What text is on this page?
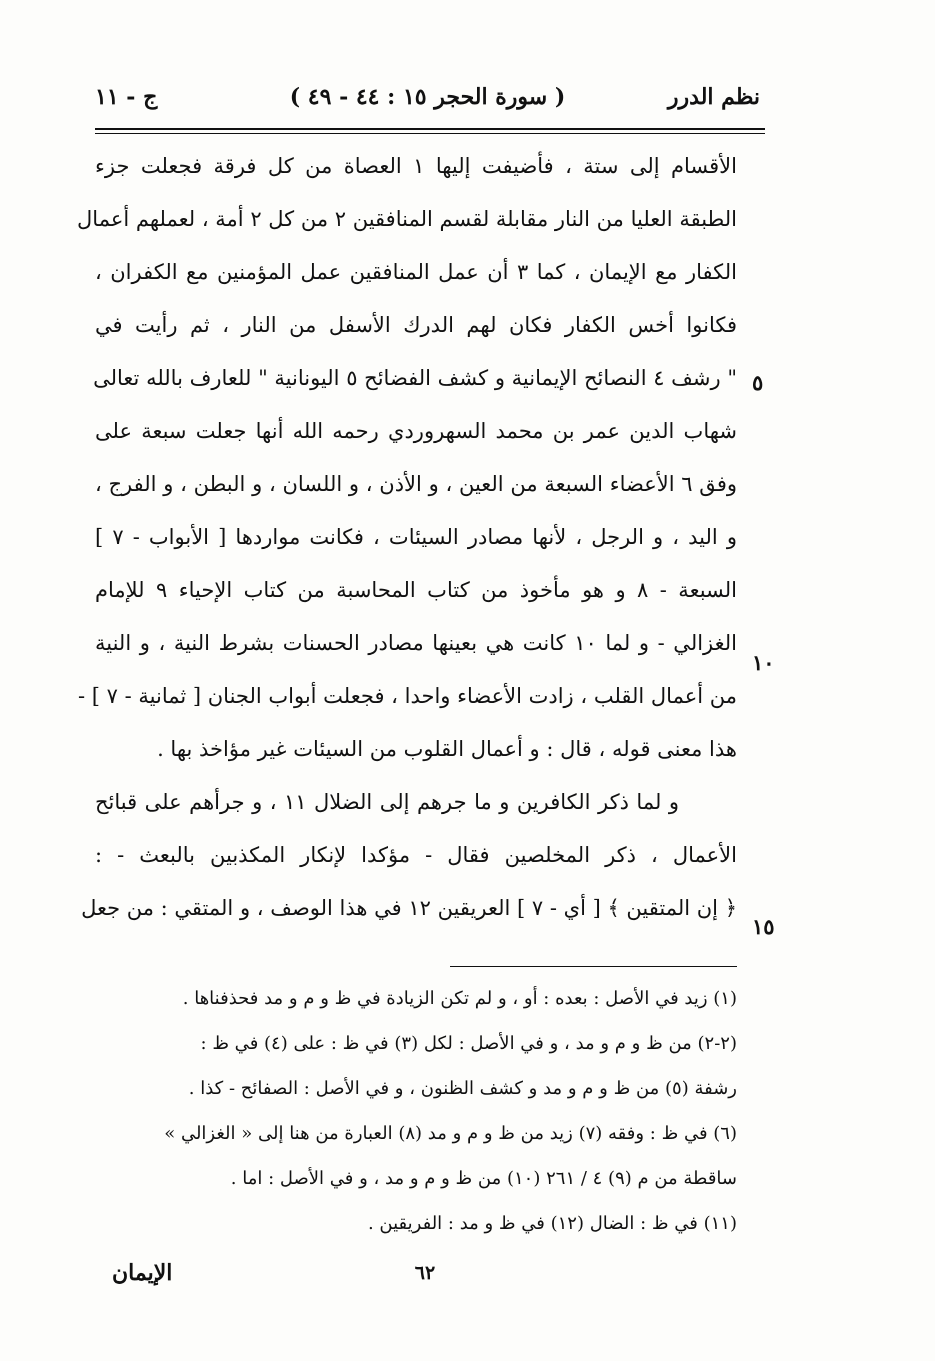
نظم الدرر
( سورة الحجر ١٥ : ٤٤ - ٤٩ )
ج - ١١
الأقسام إلى ستة ، فأضيفت إليها ١ العصاة من كل فرقة فجعلت جزء
الطبقة العليا من النار مقابلة لقسم المنافقين ٢ من كل ٢ أمة ، لعملهم أعمال
الكفار مع الإيمان ، كما ٣ أن عمل المنافقين عمل المؤمنين مع الكفران ،
فكانوا أخس الكفار فكان لهم الدرك الأسفل من النار ، ثم رأيت في
" رشف ٤ النصائح الإيمانية و كشف الفضائح ٥ اليونانية " للعارف بالله تعالى
شهاب الدين عمر بن محمد السهروردي رحمه الله أنها جعلت سبعة على
وفق ٦ الأعضاء السبعة من العين ، و الأذن ، و اللسان ، و البطن ، و الفرج ،
و اليد ، و الرجل ، لأنها مصادر السيئات ، فكانت مواردها [ الأبواب - ٧ ]
السبعة - ٨ و هو مأخوذ من كتاب المحاسبة من كتاب الإحياء ٩ للإمام
الغزالي - و لما ١٠ كانت هي بعينها مصادر الحسنات بشرط النية ، و النية
من أعمال القلب ، زادت الأعضاء واحدا ، فجعلت أبواب الجنان [ ثمانية - ٧ ] -
هذا معنى قوله ، قال : و أعمال القلوب من السيئات غير مؤاخذ بها .
و لما ذكر الكافرين و ما جرهم إلى الضلال ١١ ، و جرأهم على قبائح
الأعمال ، ذكر المخلصين فقال - مؤكدا لإنكار المكذبين بالبعث - :
﴿ إن المتقين ﴾ [ أي - ٧ ] العريقين ١٢ في هذا الوصف ، و المتقي : من جعل
٥
١٠
١٥
(١) زيد في الأصل : بعده : أو ، و لم تكن الزيادة في ظ و م و مد فحذفناها .
(٢-٢) من ظ و م و مد ، و في الأصل : لكل (٣) في ظ : على (٤) في ظ :
رشفة (٥) من ظ و م و مد و كشف الظنون ، و في الأصل : الصفائح - كذا .
(٦) في ظ : وفقه (٧) زيد من ظ و م و مد (٨) العبارة من هنا إلى « الغزالي »
ساقطة من م (٩) ٤ / ٢٦١ (١٠) من ظ و م و مد ، و في الأصل : اما .
(١١) في ظ : الضال (١٢) في ظ و مد : الفريقين .
٦٢
الإيمان
